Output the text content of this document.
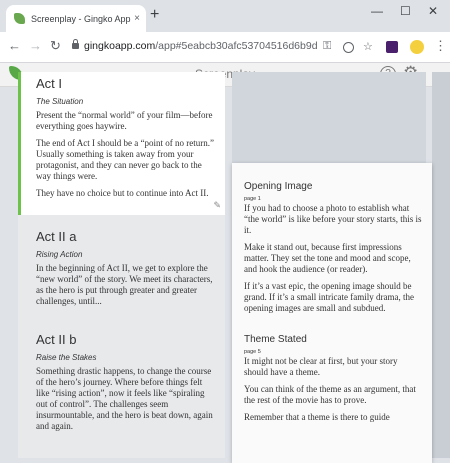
Screenplay - Gingko App × +	— ☐ ✕
← → ↻ gingkoapp.com/app#5eabcb30afc53704516d6b9d ⚿	☆	⋮
Act I
The Situation

Present the “normal world” of your film—before everything goes haywire.

The end of Act I should be a “point of no return.” Usually something is taken away from your protagonist, and they can never go back to the way things were.

They have no choice but to continue into Act II.

✎
Act II a
Rising Action

In the beginning of Act II, we get to explore the “new world” of the story. We meet its characters, as the hero is put through greater and greater challenges, until...

Act II b
Raise the Stakes

Something drastic happens, to change the course of the hero’s journey. Where before things felt like “rising action”, now it feels like “spiraling out of control”. The challenges seem insurmountable, and the hero is beat down, again and again.

Opening Image
page 1

If you had to choose a photo to establish what “the world” is like before your story starts, this is it.

Make it stand out, because first impressions matter. They set the tone and mood and scope, and hook the audience (or reader).

If it’s a vast epic, the opening image should be grand. If it’s a small intricate family drama, the opening images are small and subdued.

Theme Stated
page 5

It might not be clear at first, but your story should have a theme.

You can think of the theme as an argument, that the rest of the movie has to prove.

Remember that a theme is there to guide
